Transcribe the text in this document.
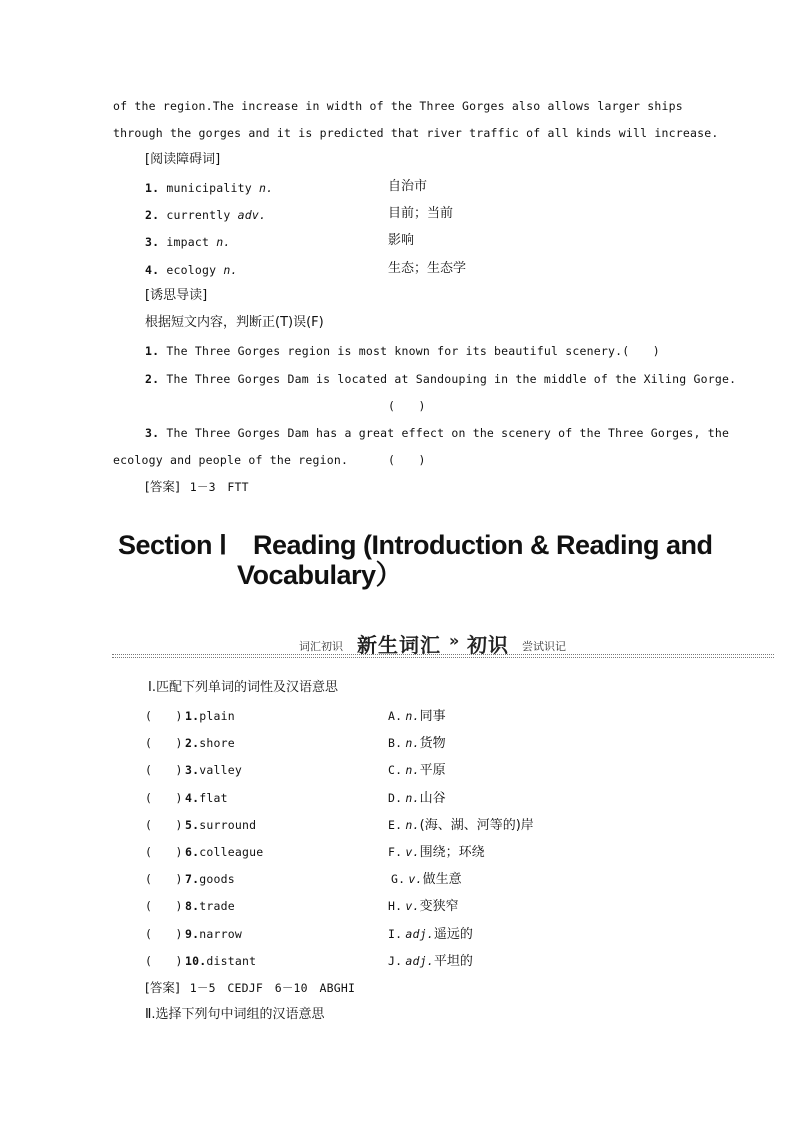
of the region.The increase in width of the Three Gorges also allows larger ships
through the gorges and it is predicted that river traffic of all kinds will increase.
[阅读障碍词]
1. municipality n.	自治市
2. currently adv.	目前；当前
3. impact n.	影响
4. ecology n.	生态；生态学
[诱思导读]
根据短文内容，判断正(T)误(F)
1. The Three Gorges region is most known for its beautiful scenery.(　　)
2. The Three Gorges Dam is located at Sandouping in the middle of the Xiling Gorge.
(　　)
3. The Three Gorges Dam has a great effect on the scenery of the Three Gorges, the
ecology and people of the region.	(　　)
[答案] 1－3　FTT
Section Ⅰ　Reading (Introduction & Reading and
Vocabulary）
词汇初识 新生词汇 » 初识 尝试识记
Ⅰ.匹配下列单词的词性及汉语意思
(　　) 1.plain	A. n.同事
(　　) 2.shore	B. n.货物
(　　) 3.valley	C. n.平原
(　　) 4.flat	D. n.山谷
(　　) 5.surround	E. n.(海、湖、河等的)岸
(　　) 6.colleague	F. v.围绕；环绕
(　　) 7.goods	G. v.做生意
(　　) 8.trade	H. v.变狭窄
(　　) 9.narrow	I. adj.遥远的
(　　) 10.distant	J. adj.平坦的
[答案] 1－5　CEDJF　6－10　ABGHI
Ⅱ.选择下列句中词组的汉语意思
